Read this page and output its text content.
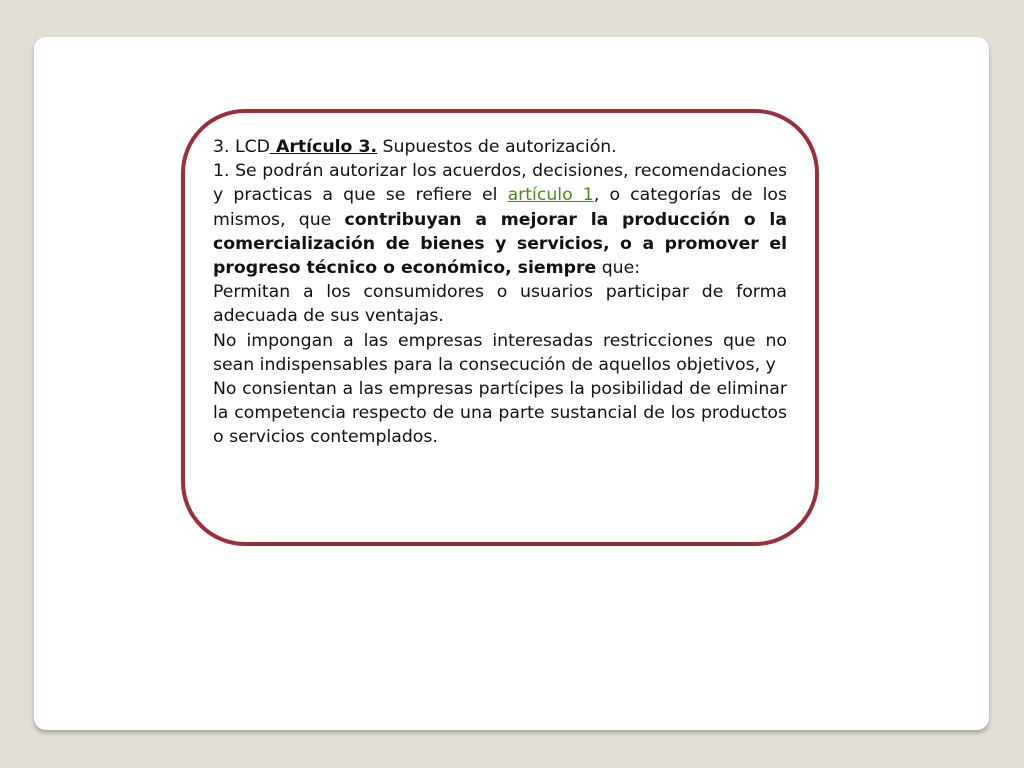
3. LCD Artículo 3. Supuestos de autorización.

1. Se podrán autorizar los acuerdos, decisiones, recomendaciones y practicas a que se refiere el artículo 1, o categorías de los mismos, que contribuyan a mejorar la producción o la comercialización de bienes y servicios, o a promover el progreso técnico o económico, siempre que:

Permitan a los consumidores o usuarios participar de forma adecuada de sus ventajas.

No impongan a las empresas interesadas restricciones que no sean indispensables para la consecución de aquellos objetivos, y

No consientan a las empresas partícipes la posibilidad de eliminar la competencia respecto de una parte sustancial de los productos o servicios contemplados.
